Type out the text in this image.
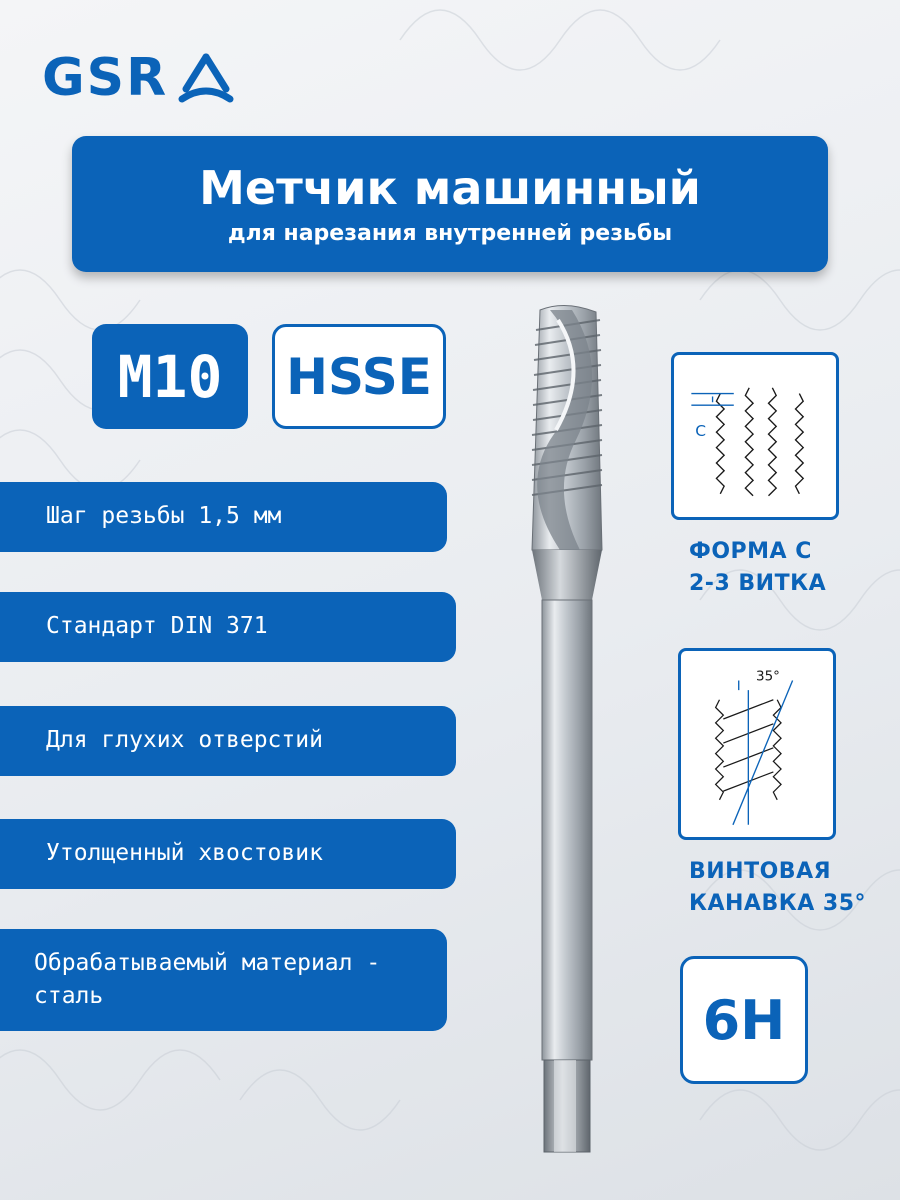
GSR
Метчик машинный
для нарезания внутренней резьбы
M10	HSSE
Шаг резьбы 1,5 мм
Стандарт DIN 371
Для глухих отверстий
Утолщенный хвостовик
Обрабатываемый материал - сталь
C
ФОРМА С
2-3 ВИТКА
35°
ВИНТОВАЯ
КАНАВКА 35°
6H
